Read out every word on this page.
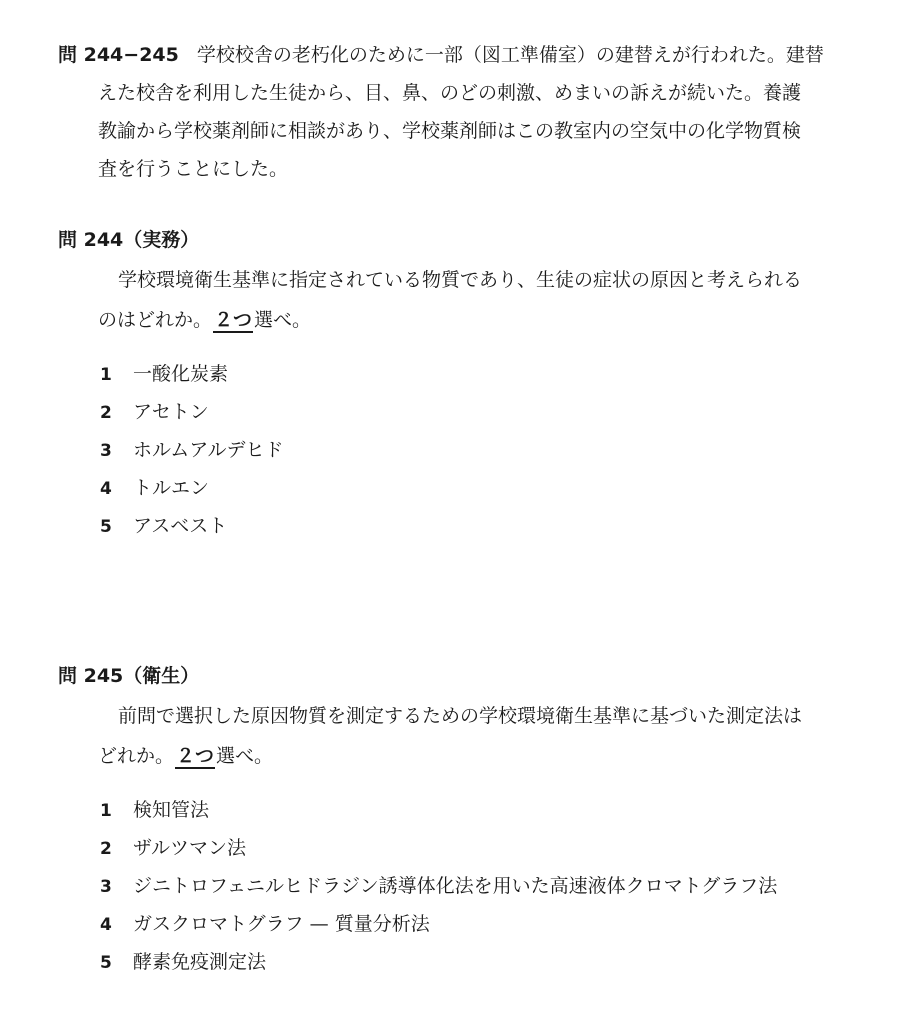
問 244−245 学校校舎の老朽化のために一部（図工準備室）の建替えが行われた。建替
えた校舎を利用した生徒から、目、鼻、のどの刺激、めまいの訴えが続いた。養護
教諭から学校薬剤師に相談があり、学校薬剤師はこの教室内の空気中の化学物質検
査を行うことにした。
問 244（実務）
学校環境衛生基準に指定されている物質であり、生徒の症状の原因と考えられる
のはどれか。 ２つ 選べ。
1 一酸化炭素
2 アセトン
3 ホルムアルデヒド
4 トルエン
5 アスベスト
問 245（衛生）
前問で選択した原因物質を測定するための学校環境衛生基準に基づいた測定法は
どれか。 ２つ 選べ。
1 検知管法
2 ザルツマン法
3 ジニトロフェニルヒドラジン誘導体化法を用いた高速液体クロマトグラフ法
4 ガスクロマトグラフ — 質量分析法
5 酵素免疫測定法
